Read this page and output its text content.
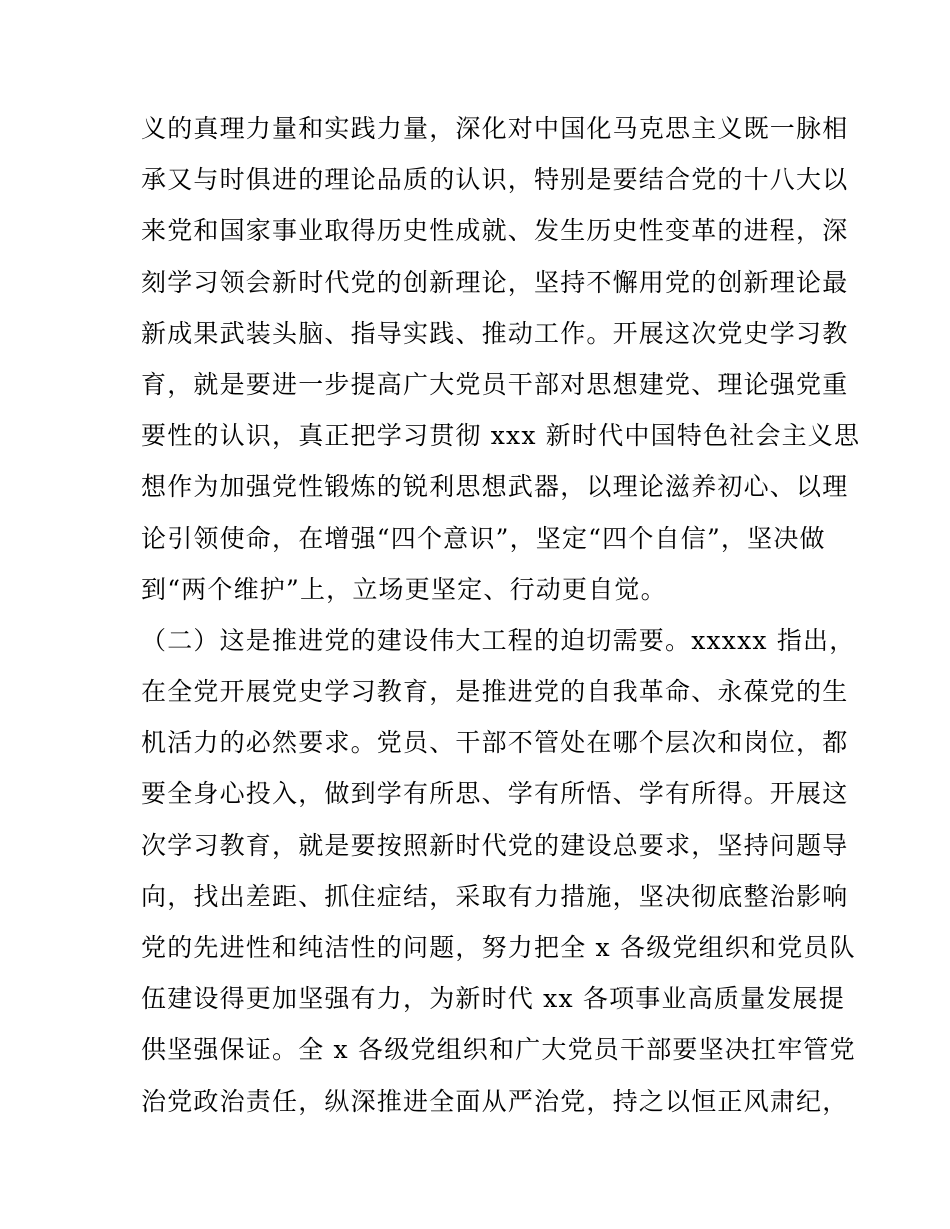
义的真理力量和实践力量，深化对中国化马克思主义既一脉相
承又与时俱进的理论品质的认识，特别是要结合党的十八大以
来党和国家事业取得历史性成就、发生历史性变革的进程，深
刻学习领会新时代党的创新理论，坚持不懈用党的创新理论最
新成果武装头脑、指导实践、推动工作。开展这次党史学习教
育，就是要进一步提高广大党员干部对思想建党、理论强党重
要性的认识，真正把学习贯彻 xxx 新时代中国特色社会主义思
想作为加强党性锻炼的锐利思想武器，以理论滋养初心、以理
论引领使命，在增强“四个意识”，坚定“四个自信”，坚决做
到“两个维护”上，立场更坚定、行动更自觉。
（二）这是推进党的建设伟大工程的迫切需要。xxxxx 指出，
在全党开展党史学习教育，是推进党的自我革命、永葆党的生
机活力的必然要求。党员、干部不管处在哪个层次和岗位，都
要全身心投入，做到学有所思、学有所悟、学有所得。开展这
次学习教育，就是要按照新时代党的建设总要求，坚持问题导
向，找出差距、抓住症结，采取有力措施，坚决彻底整治影响
党的先进性和纯洁性的问题，努力把全 x 各级党组织和党员队
伍建设得更加坚强有力，为新时代 xx 各项事业高质量发展提
供坚强保证。全 x 各级党组织和广大党员干部要坚决扛牢管党
治党政治责任，纵深推进全面从严治党，持之以恒正风肃纪，
